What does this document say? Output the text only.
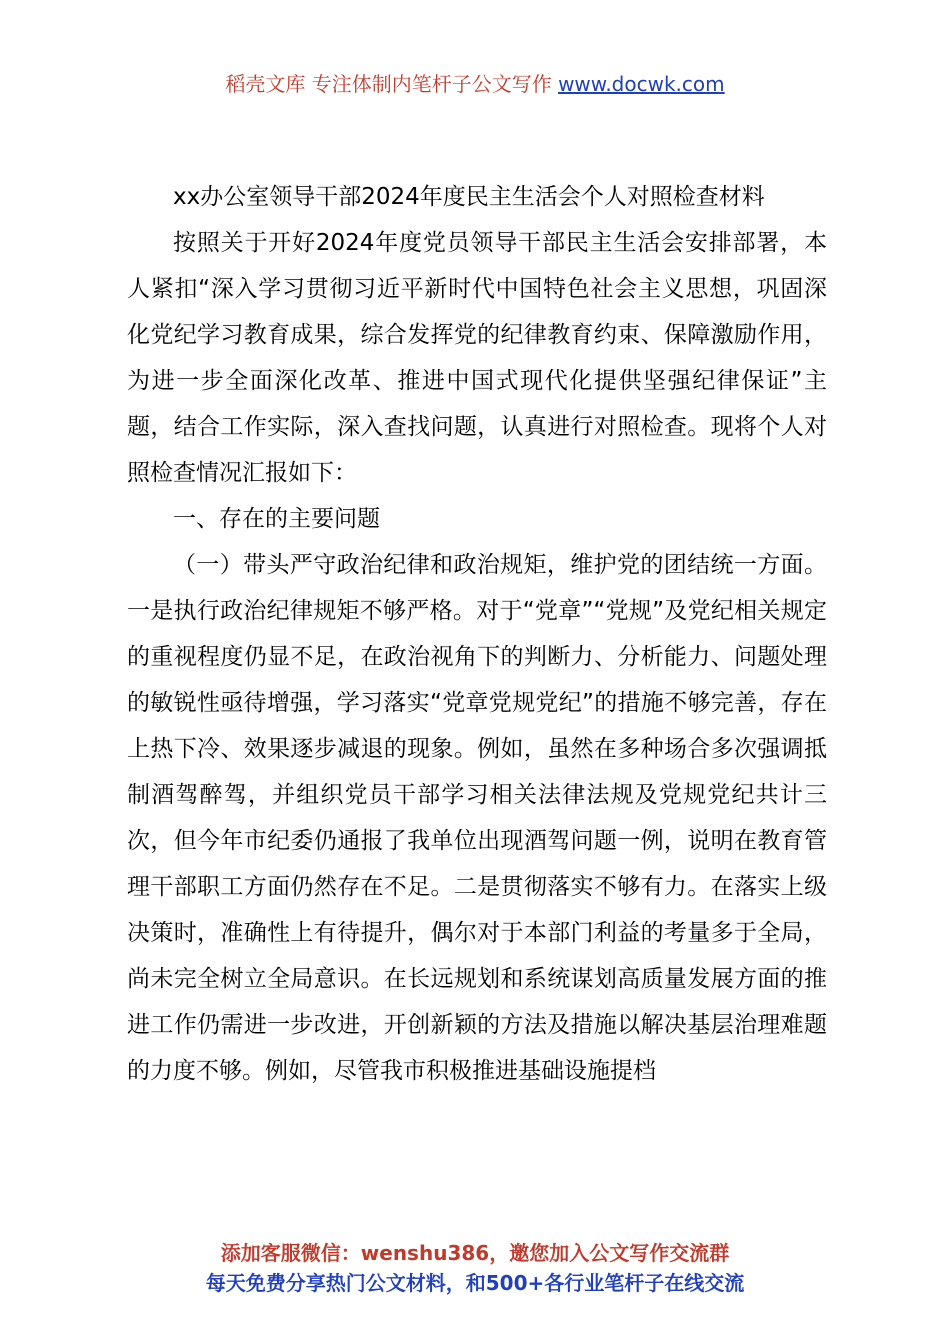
稻壳文库 专注体制内笔杆子公文写作 www.docwk.com

xx办公室领导干部2024年度民主生活会个人对照检查材料

按照关于开好2024年度党员领导干部民主生活会安排部署，本人紧扣“深入学习贯彻习近平新时代中国特色社会主义思想，巩固深化党纪学习教育成果，综合发挥党的纪律教育约束、保障激励作用，为进一步全面深化改革、推进中国式现代化提供坚强纪律保证”主题，结合工作实际，深入查找问题，认真进行对照检查。现将个人对照检查情况汇报如下：

一、存在的主要问题

（一）带头严守政治纪律和政治规矩，维护党的团结统一方面。一是执行政治纪律规矩不够严格。对于“党章”“党规”及党纪相关规定的重视程度仍显不足，在政治视角下的判断力、分析能力、问题处理的敏锐性亟待增强，学习落实“党章党规党纪”的措施不够完善，存在上热下冷、效果逐步减退的现象。例如，虽然在多种场合多次强调抵制酒驾醉驾，并组织党员干部学习相关法律法规及党规党纪共计三次，但今年市纪委仍通报了我单位出现酒驾问题一例，说明在教育管理干部职工方面仍然存在不足。二是贯彻落实不够有力。在落实上级决策时，准确性上有待提升，偶尔对于本部门利益的考量多于全局，尚未完全树立全局意识。在长远规划和系统谋划高质量发展方面的推进工作仍需进一步改进，开创新颖的方法及措施以解决基层治理难题的力度不够。例如，尽管我市积极推进基础设施提档

添加客服微信：wenshu386，邀您加入公文写作交流群
每天免费分享热门公文材料，和500+各行业笔杆子在线交流
